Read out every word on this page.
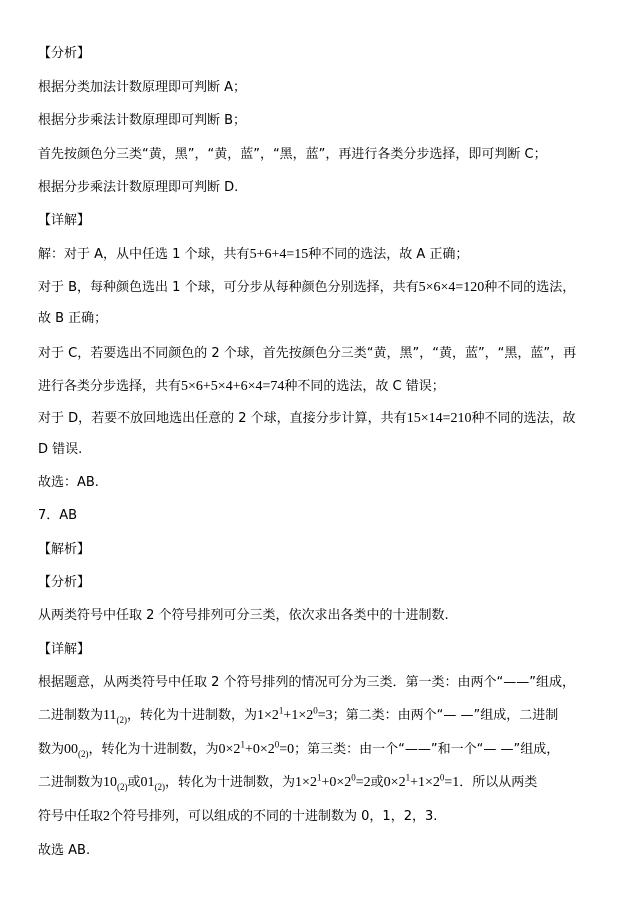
【分析】
根据分类加法计数原理即可判断 A；
根据分步乘法计数原理即可判断 B；
首先按颜色分三类“黄，黑”，“黄，蓝”，“黑，蓝”，再进行各类分步选择，即可判断 C；
根据分步乘法计数原理即可判断 D.
【详解】
解：对于 A，从中任选 1 个球，共有5+6+4=15种不同的选法，故 A 正确；
对于 B，每种颜色选出 1 个球，可分步从每种颜色分别选择，共有5×6×4=120种不同的选法，
故 B 正确；
对于 C，若要选出不同颜色的 2 个球，首先按颜色分三类“黄，黑”，“黄，蓝”，“黑，蓝”，再
进行各类分步选择，共有5×6+5×4+6×4=74种不同的选法，故 C 错误；
对于 D，若要不放回地选出任意的 2 个球，直接分步计算，共有15×14=210种不同的选法，故
D 错误.
故选：AB.
7．AB
【解析】
【分析】
从两类符号中任取 2 个符号排列可分三类，依次求出各类中的十进制数.
【详解】
根据题意，从两类符号中任取 2 个符号排列的情况可分为三类．第一类：由两个“——”组成，
二进制数为$11_{(2)}$，转化为十进制数，为$1\times 2^1+1\times 2^0=3$；第二类：由两个“— —”组成，二进制
数为$00_{(2)}$，转化为十进制数，为$0\times 2^1+0\times 2^0=0$；第三类：由一个“——”和一个“— —”组成，
二进制数为$10_{(2)}$或$01_{(2)}$，转化为十进制数，为$1\times 2^1+0\times 2^0=2$或$0\times 2^1+1\times 2^0=1$．所以从两类
符号中任取2个符号排列，可以组成的不同的十进制数为 0，1，2，3.
故选 AB.
